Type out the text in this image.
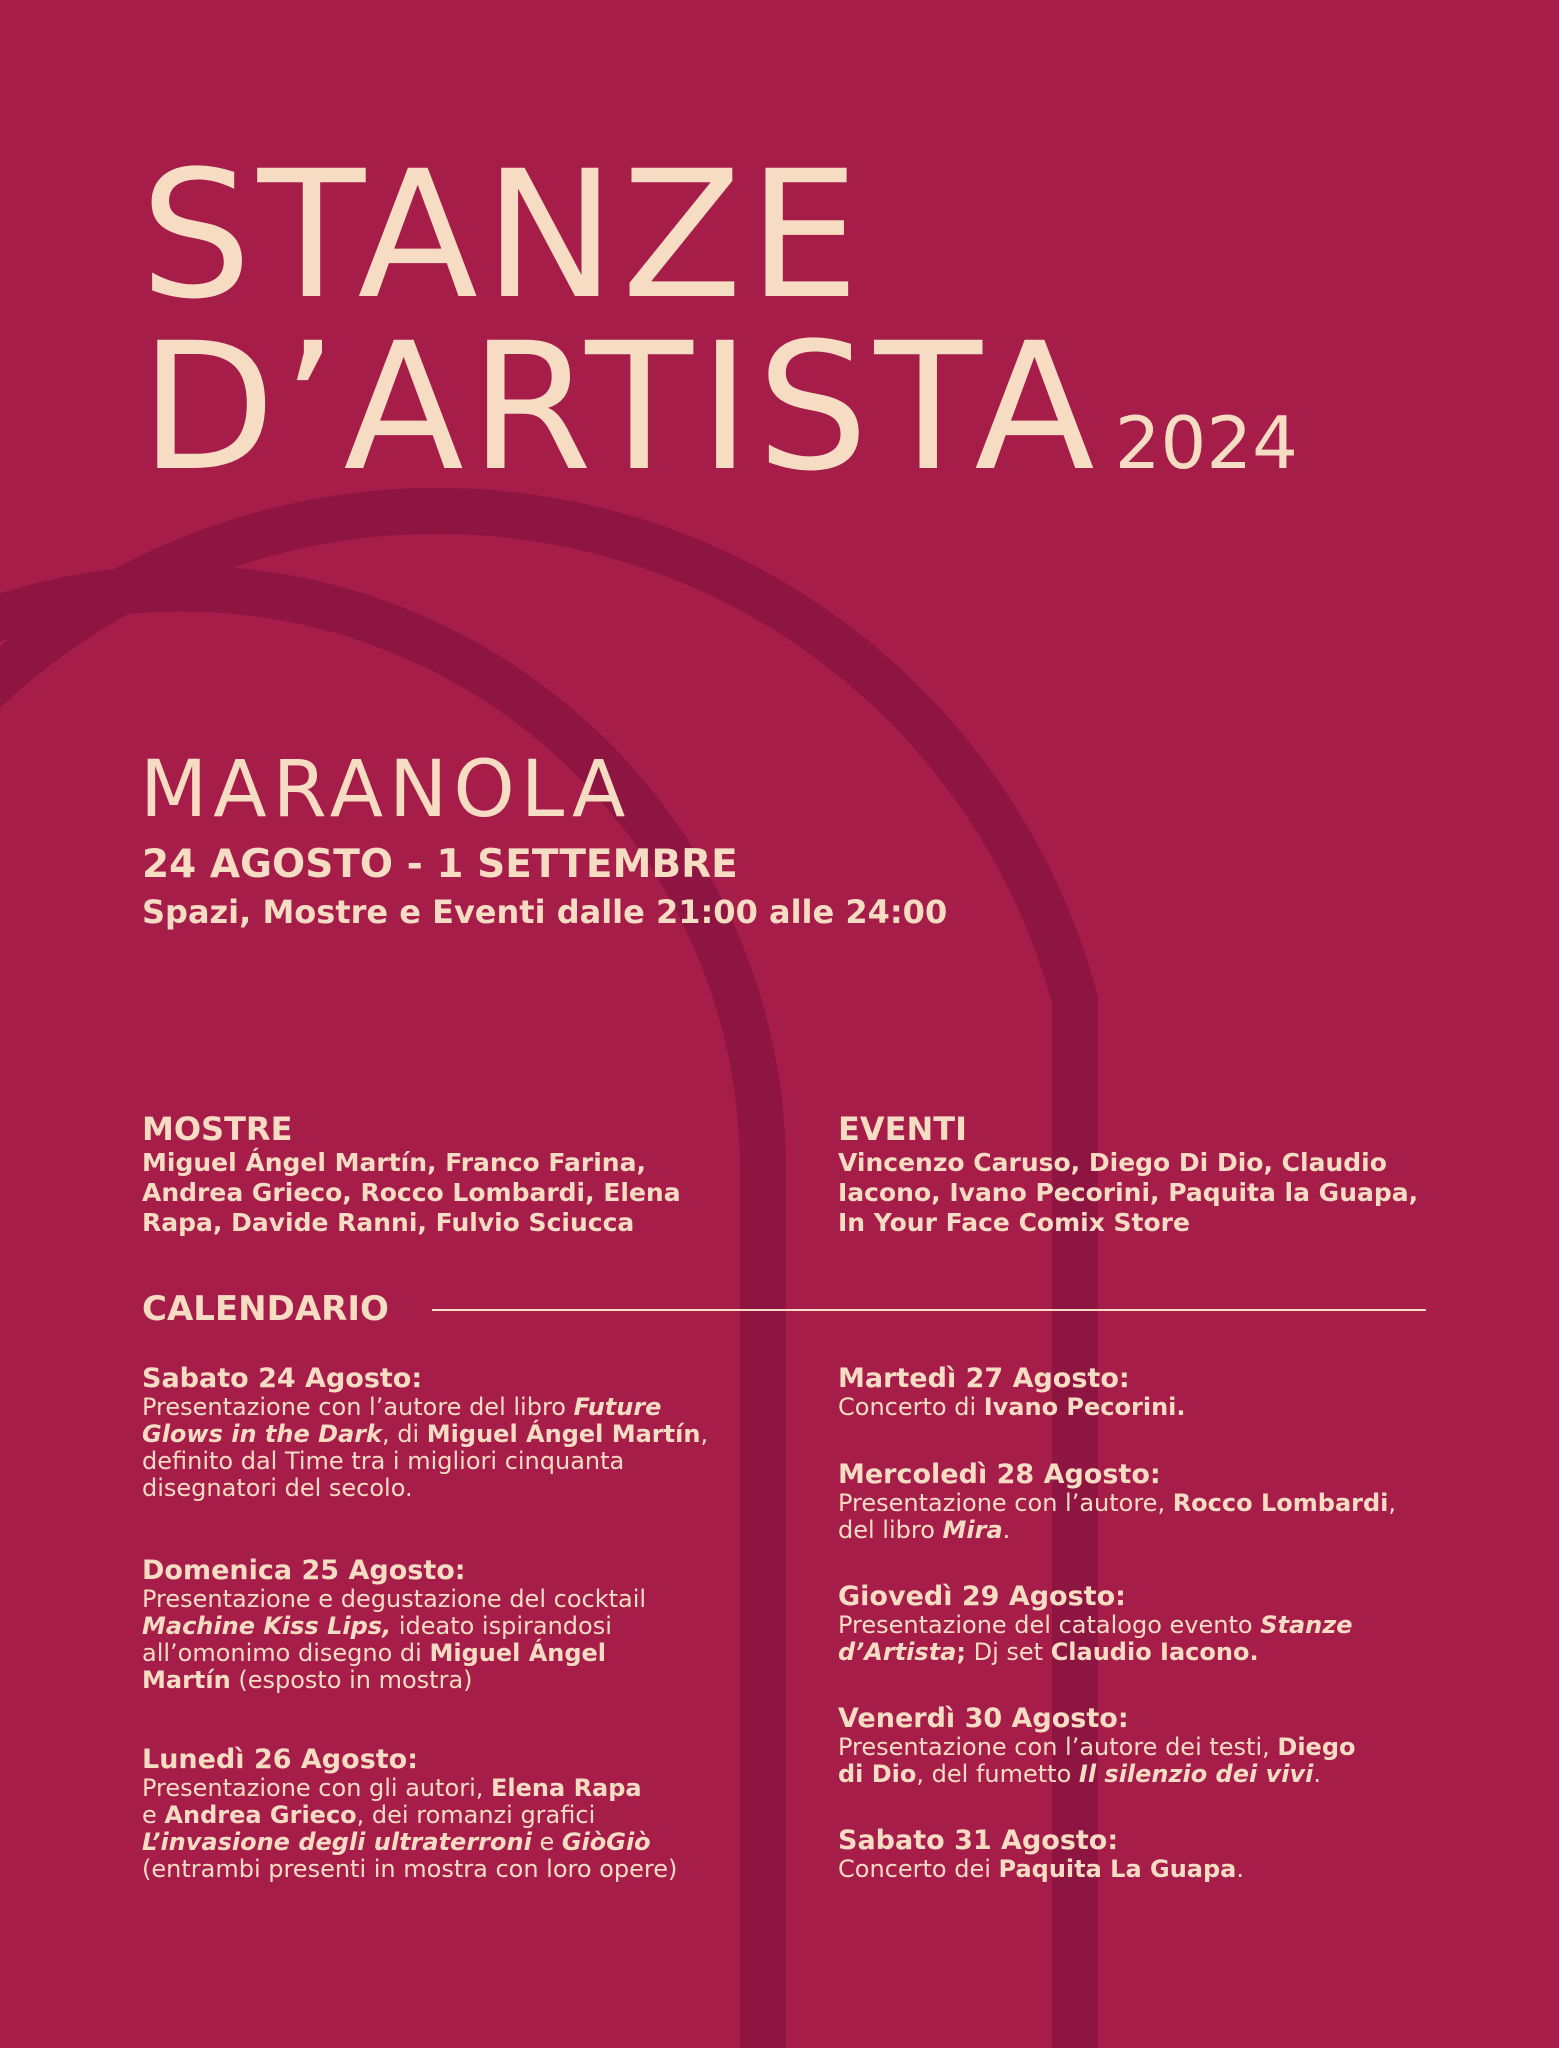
STANZE
D’ARTISTA 2024
MARANOLA

24 AGOSTO - 1 SETTEMBRE

Spazi, Mostre e Eventi dalle 21:00 alle 24:00

MOSTRE

Miguel Ángel Martín, Franco Farina,

Andrea Grieco, Rocco Lombardi, Elena

Rapa, Davide Ranni, Fulvio Sciucca

EVENTI

Vincenzo Caruso, Diego Di Dio, Claudio

Iacono, Ivano Pecorini, Paquita la Guapa,

In Your Face Comix Store

CALENDARIO

Sabato 24 Agosto:

Presentazione con l’autore del libro Future

Glows in the Dark, di Miguel Ángel Martín,

definito dal Time tra i migliori cinquanta

disegnatori del secolo.

Domenica 25 Agosto:

Presentazione e degustazione del cocktail

Machine Kiss Lips, ideato ispirandosi

all’omonimo disegno di Miguel Ángel

Martín (esposto in mostra)

Lunedì 26 Agosto:

Presentazione con gli autori, Elena Rapa

e Andrea Grieco, dei romanzi grafici

L’invasione degli ultraterroni e GiòGiò

(entrambi presenti in mostra con loro opere)

Martedì 27 Agosto:

Concerto di Ivano Pecorini.

Mercoledì 28 Agosto:

Presentazione con l’autore, Rocco Lombardi,

del libro Mira.

Giovedì 29 Agosto:

Presentazione del catalogo evento Stanze

d’Artista; Dj set Claudio Iacono.

Venerdì 30 Agosto:

Presentazione con l’autore dei testi, Diego

di Dio, del fumetto Il silenzio dei vivi.

Sabato 31 Agosto:

Concerto dei Paquita La Guapa.
